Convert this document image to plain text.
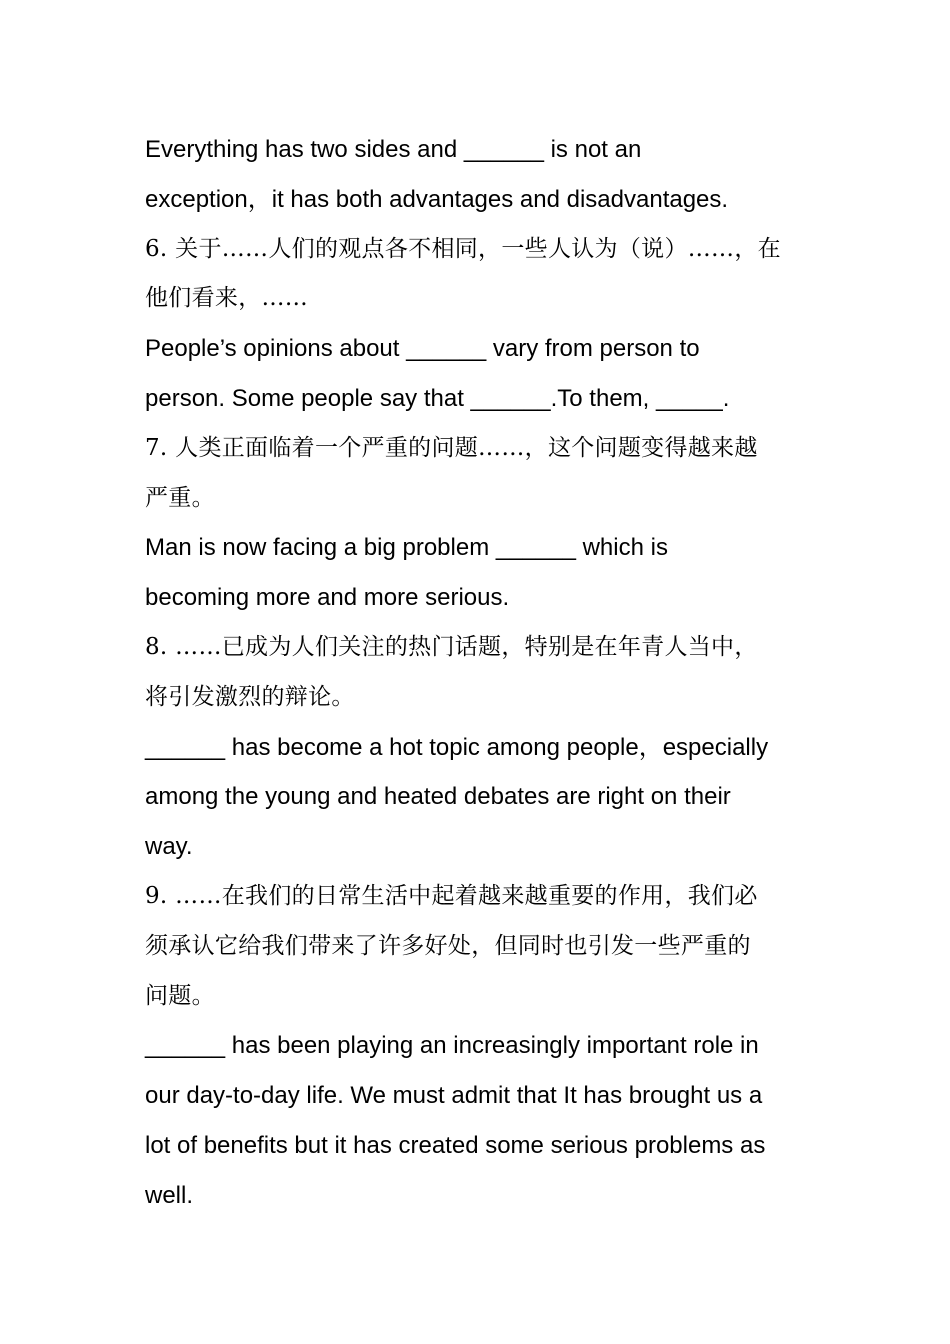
Everything has two sides and ______ is not an
exception，it has both advantages and disadvantages.
6. 关于……人们的观点各不相同，一些人认为（说）……，在
他们看来，……
People’s opinions about ______ vary from person to
person. Some people say that ______.To them, _____.
7. 人类正面临着一个严重的问题……，这个问题变得越来越
严重。
Man is now facing a big problem ______ which is
becoming more and more serious.
8. ……已成为人们关注的热门话题，特别是在年青人当中，
将引发激烈的辩论。
______ has become a hot topic among people，especially
among the young and heated debates are right on their
way.
9. ……在我们的日常生活中起着越来越重要的作用，我们必
须承认它给我们带来了许多好处，但同时也引发一些严重的
问题。
______ has been playing an increasingly important role in
our day-to-day life. We must admit that It has brought us a
lot of benefits but it has created some serious problems as
well.
